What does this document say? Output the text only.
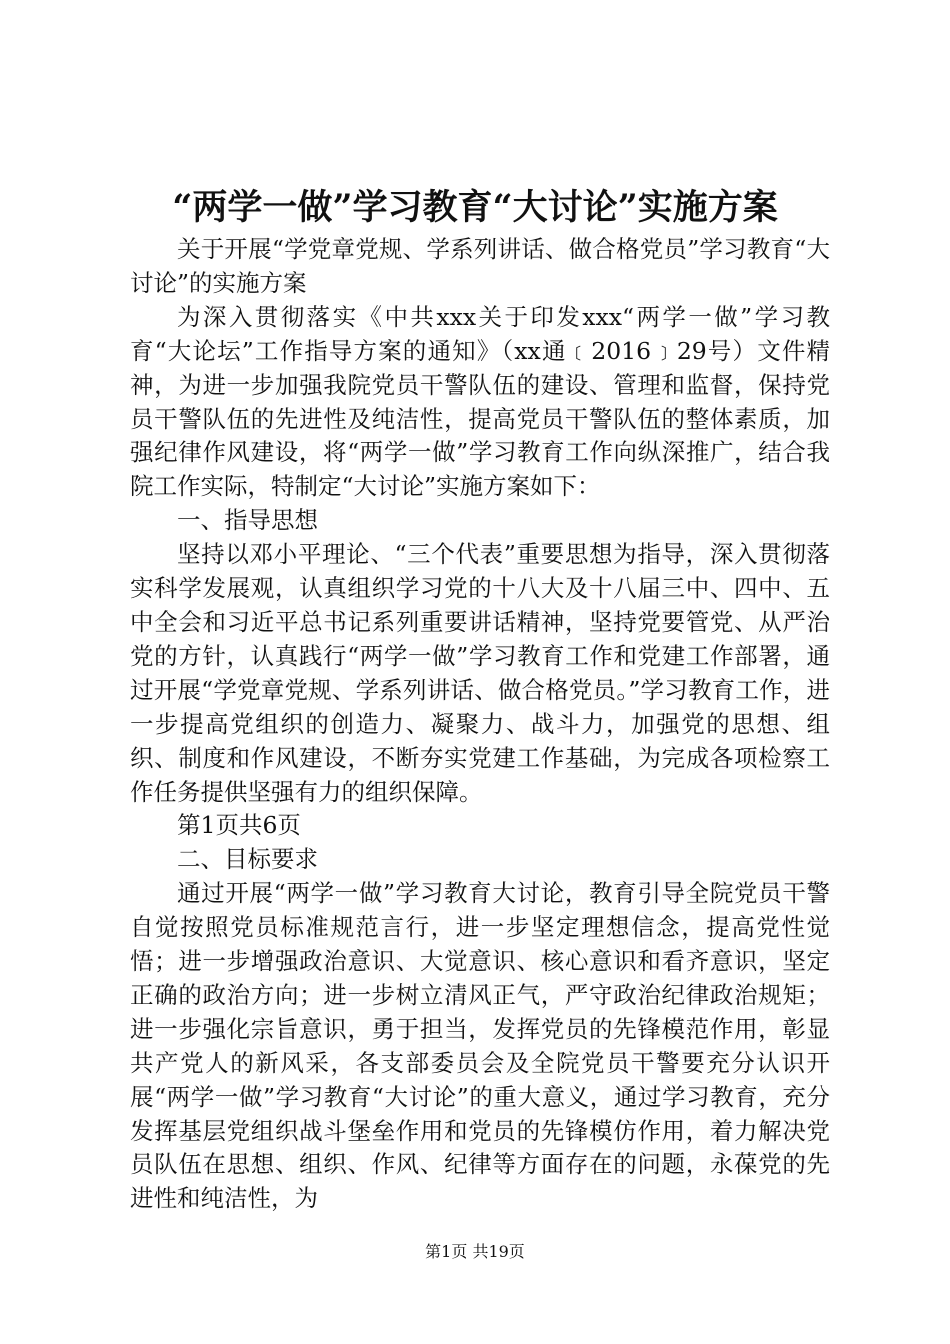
“两学一做”学习教育“大讨论”实施方案

关于开展“学党章党规、学系列讲话、做合格党员”学习教育“大讨论”的实施方案

为深入贯彻落实《中共xxx关于印发xxx“两学一做”学习教育“大论坛”工作指导方案的通知》（xx通﹝2016﹞29号）文件精神，为进一步加强我院党员干警队伍的建设、管理和监督，保持党员干警队伍的先进性及纯洁性，提高党员干警队伍的整体素质，加强纪律作风建设，将“两学一做”学习教育工作向纵深推广，结合我院工作实际，特制定“大讨论”实施方案如下：

一、指导思想

坚持以邓小平理论、“三个代表”重要思想为指导，深入贯彻落实科学发展观，认真组织学习党的十八大及十八届三中、四中、五中全会和习近平总书记系列重要讲话精神，坚持党要管党、从严治党的方针，认真践行“两学一做”学习教育工作和党建工作部署，通过开展“学党章党规、学系列讲话、做合格党员。”学习教育工作，进一步提高党组织的创造力、凝聚力、战斗力，加强党的思想、组织、制度和作风建设，不断夯实党建工作基础，为完成各项检察工作任务提供坚强有力的组织保障。

第1页共6页

二、目标要求

通过开展“两学一做”学习教育大讨论，教育引导全院党员干警自觉按照党员标准规范言行，进一步坚定理想信念，提高党性觉悟；进一步增强政治意识、大觉意识、核心意识和看齐意识，坚定正确的政治方向；进一步树立清风正气，严守政治纪律政治规矩；进一步强化宗旨意识，勇于担当，发挥党员的先锋模范作用，彰显共产党人的新风采，各支部委员会及全院党员干警要充分认识开展“两学一做”学习教育“大讨论”的重大意义，通过学习教育，充分发挥基层党组织战斗堡垒作用和党员的先锋模仿作用，着力解决党员队伍在思想、组织、作风、纪律等方面存在的问题，永葆党的先进性和纯洁性，为

第1页 共19页
